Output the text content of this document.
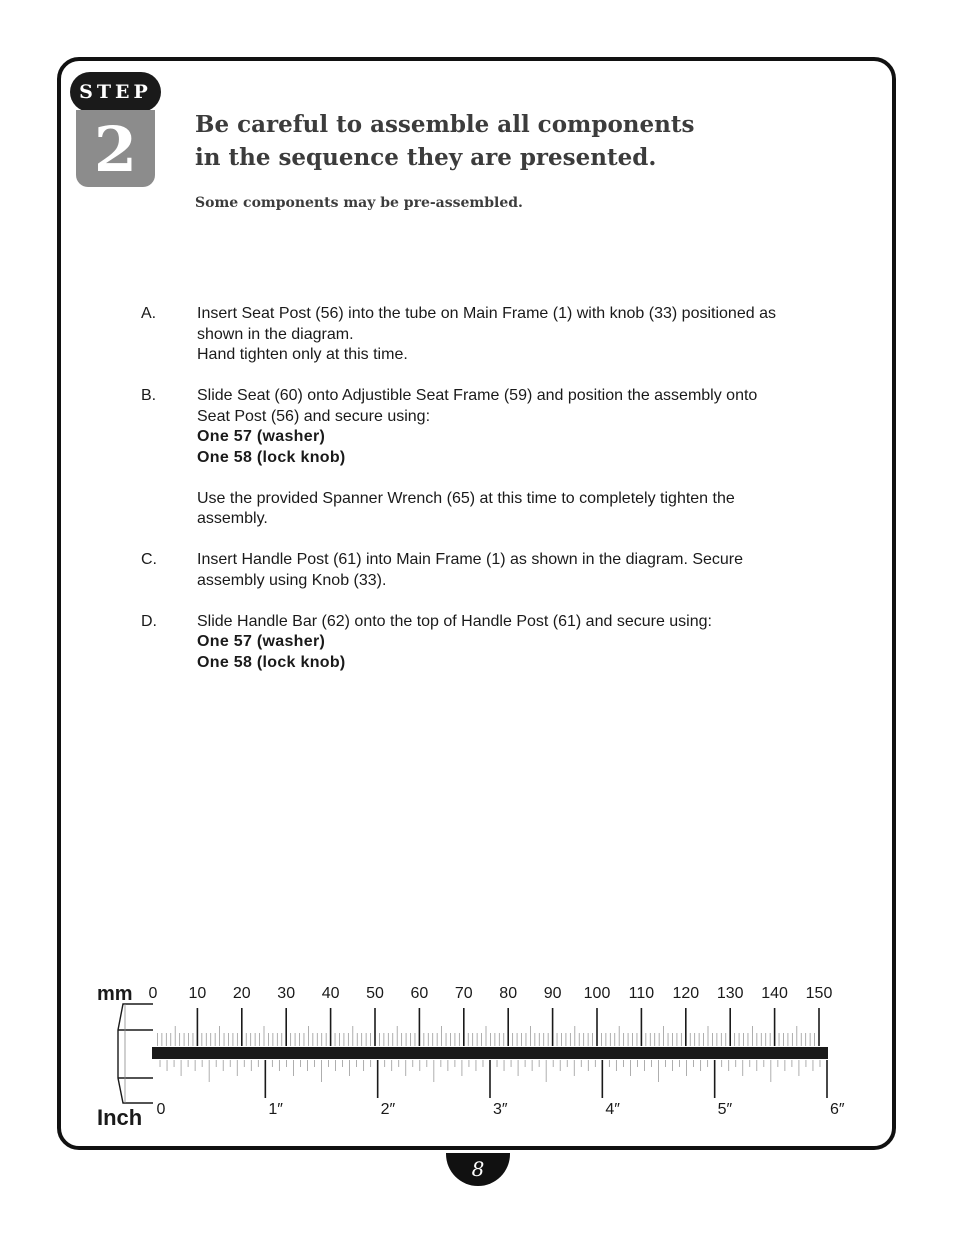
STEP
2	Be careful to assemble all components
in the sequence they are presented.
Some components may be pre-assembled.
A.	Insert Seat Post (56) into the tube on Main Frame (1) with knob (33) positioned as
shown in the diagram.
Hand tighten only at this time.
B.	Slide Seat (60) onto Adjustible Seat Frame (59) and position the assembly onto
Seat Post (56) and secure using:
One 57 (washer)
One 58 (lock knob)
Use the provided Spanner Wrench (65) at this time to completely tighten the
assembly.
C.	Insert Handle Post (61) into Main Frame (1) as shown in the diagram. Secure
assembly using Knob (33).
D.	Slide Handle Bar (62) onto the top of Handle Post (61) and secure using:
One 57 (washer)
One 58 (lock knob)
mm
Inch
0 10 20 30 40 50 60 70 80 90 100 110 120 130 140 150
0	1″	2″	3″	4″	5″	6″
8
